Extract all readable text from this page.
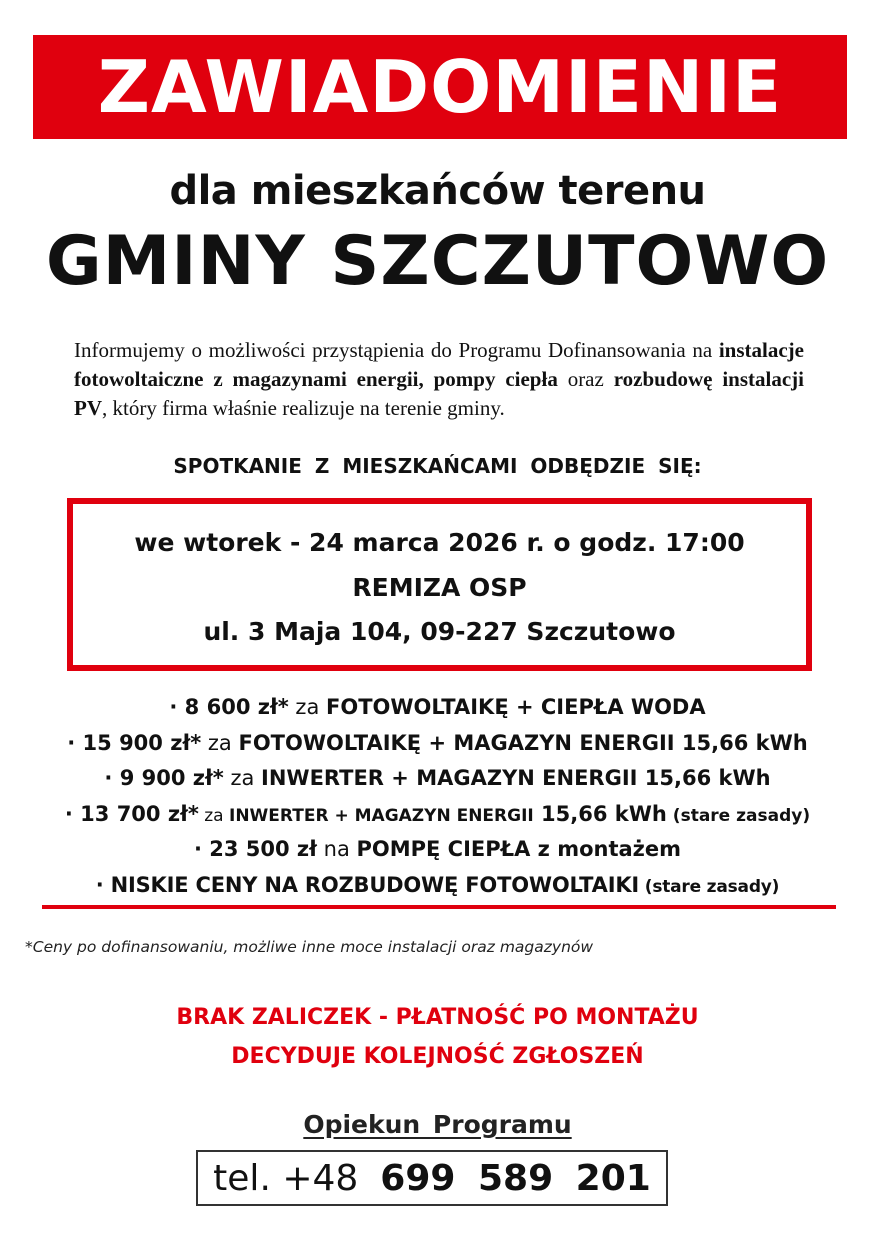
ZAWIADOMIENIE
dla mieszkańców terenu
GMINY SZCZUTOWO
Informujemy o możliwości przystąpienia do Programu Dofinansowania na instalacje fotowoltaiczne z magazynami energii, pompy ciepła oraz rozbudowę instalacji PV, który firma właśnie realizuje na terenie gminy.
SPOTKANIE Z MIESZKAŃCAMI ODBĘDZIE SIĘ:
we wtorek - 24 marca 2026 r. o godz. 17:00
REMIZA OSP
ul. 3 Maja 104, 09-227 Szczutowo
· 8 600 zł* za FOTOWOLTAIKĘ + CIEPŁA WODA
· 15 900 zł* za FOTOWOLTAIKĘ + MAGAZYN ENERGII 15,66 kWh
· 9 900 zł* za INWERTER + MAGAZYN ENERGII 15,66 kWh
· 13 700 zł* za INWERTER + MAGAZYN ENERGII 15,66 kWh (stare zasady)
· 23 500 zł na POMPĘ CIEPŁA z montażem
· NISKIE CENY NA ROZBUDOWĘ FOTOWOLTAIKI (stare zasady)
*Ceny po dofinansowaniu, możliwe inne moce instalacji oraz magazynów
BRAK ZALICZEK - PŁATNOŚĆ PO MONTAŻU
DECYDUJE KOLEJNOŚĆ ZGŁOSZEŃ
Opiekun Programu
tel. +48 699 589 201
